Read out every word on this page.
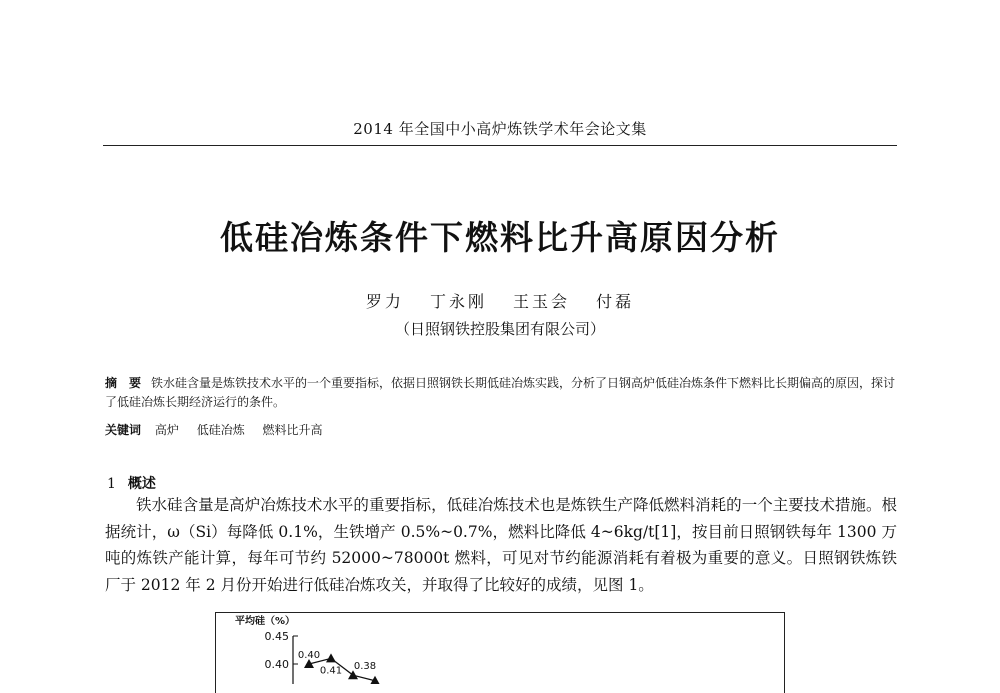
2014 年全国中小高炉炼铁学术年会论文集
低硅冶炼条件下燃料比升高原因分析
罗力 丁永刚 王玉会 付磊
（日照钢铁控股集团有限公司）
摘　要 铁水硅含量是炼铁技术水平的一个重要指标，依据日照钢铁长期低硅冶炼实践，分析了日钢高炉低硅冶炼条件下燃料比长期偏高的原因，探讨了低硅冶炼长期经济运行的条件。
关键词 高炉 低硅冶炼 燃料比升高
1 概述
铁水硅含量是高炉冶炼技术水平的重要指标，低硅冶炼技术也是炼铁生产降低燃料消耗的一个主要技术措施。根据统计，ω（Si）每降低 0.1%，生铁增产 0.5%~0.7%，燃料比降低 4~6kg/t[1]，按目前日照钢铁每年 1300 万吨的炼铁产能计算，每年可节约 52000~78000t 燃料，可见对节约能源消耗有着极为重要的意义。日照钢铁炼铁厂于 2012 年 2 月份开始进行低硅冶炼攻关，并取得了比较好的成绩，见图 1。
平均硅（%）
0.45
0.40
0.40
0.41 0.38
